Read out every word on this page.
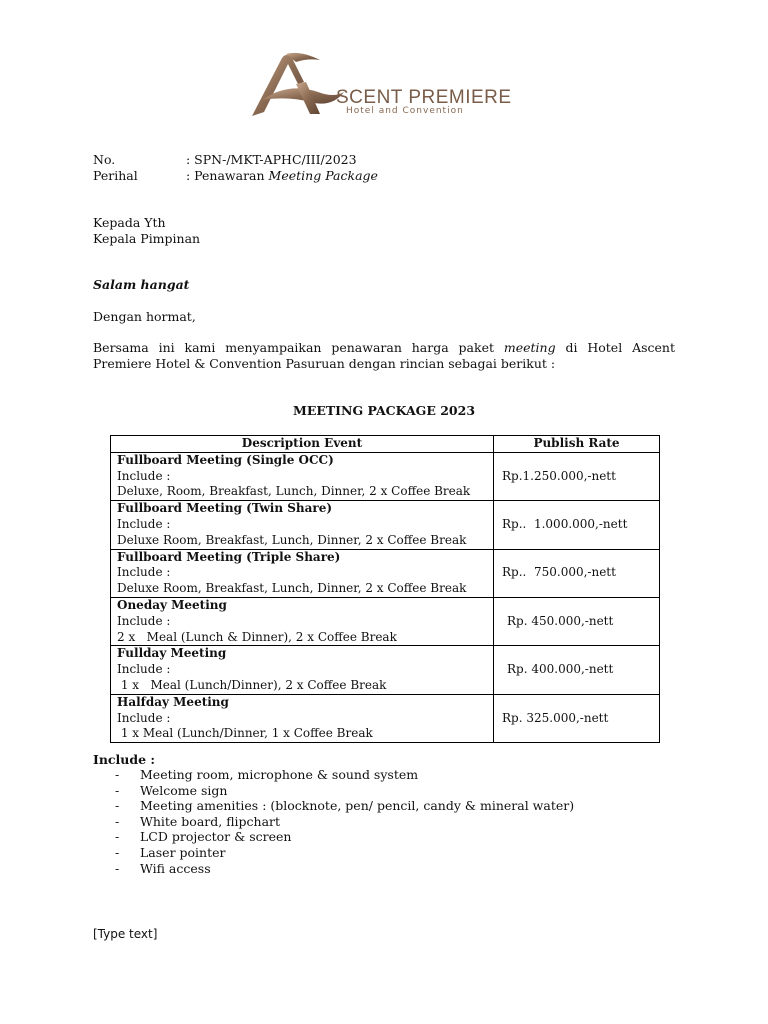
SCENT PREMIERE
Hotel and Convention
No.	: SPN-/MKT-APHC/III/2023
Perihal	: Penawaran Meeting Package
Kepada Yth
Kepala Pimpinan
Salam hangat
Dengan hormat,
Bersama ini kami menyampaikan penawaran harga paket meeting di Hotel Ascent Premiere Hotel & Convention Pasuruan dengan rincian sebagai berikut :
MEETING PACKAGE 2023
Description Event	Publish Rate

Fullboard Meeting (Single OCC)
Include :
Deluxe, Room, Breakfast, Lunch, Dinner, 2 x Coffee Break	Rp.1.250.000,-nett

Fullboard Meeting (Twin Share)
Include :
Deluxe Room, Breakfast, Lunch, Dinner, 2 x Coffee Break	Rp..  1.000.000,-nett

Fullboard Meeting (Triple Share)
Include :
Deluxe Room, Breakfast, Lunch, Dinner, 2 x Coffee Break	Rp..  750.000,-nett

Oneday Meeting
Include :
2 x   Meal (Lunch & Dinner), 2 x Coffee Break	Rp. 450.000,-nett

Fullday Meeting
Include :
1 x   Meal (Lunch/Dinner), 2 x Coffee Break	Rp. 400.000,-nett

Halfday Meeting
Include :
1 x Meal (Lunch/Dinner, 1 x Coffee Break	Rp. 325.000,-nett
Include :
- Meeting room, microphone & sound system
- Welcome sign
- Meeting amenities : (blocknote, pen/ pencil, candy & mineral water)
- White board, flipchart
- LCD projector & screen
- Laser pointer
- Wifi access
[Type text]
